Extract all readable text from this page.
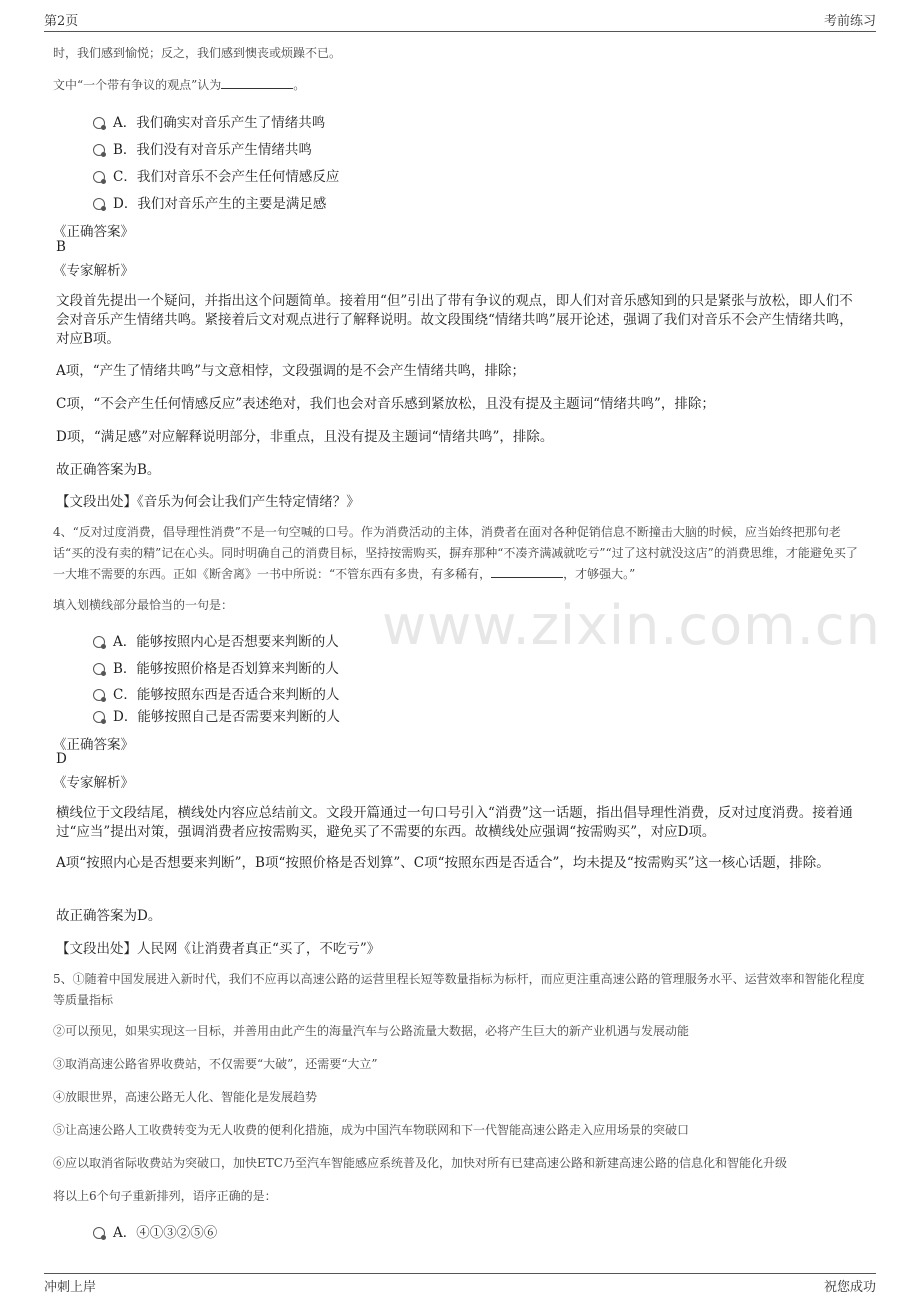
第2页	考前练习
www.zixin.com.cn
时，我们感到愉悦；反之，我们感到懊丧或烦躁不已。
文中“一个带有争议的观点”认为	。
A．我们确实对音乐产生了情绪共鸣
B．我们没有对音乐产生情绪共鸣
C．我们对音乐不会产生任何情感反应
D．我们对音乐产生的主要是满足感
《正确答案》
B
《专家解析》
文段首先提出一个疑问，并指出这个问题简单。接着用“但”引出了带有争议的观点，即人们对音乐感知到的只是紧张与放松，即人们不会对音乐产生情绪共鸣。紧接着后文对观点进行了解释说明。故文段围绕“情绪共鸣”展开论述，强调了我们对音乐不会产生情绪共鸣，对应B项。
A项，“产生了情绪共鸣”与文意相悖，文段强调的是不会产生情绪共鸣，排除；
C项，“不会产生任何情感反应”表述绝对，我们也会对音乐感到紧放松，且没有提及主题词“情绪共鸣”，排除；
D项，“满足感”对应解释说明部分，非重点，且没有提及主题词“情绪共鸣”，排除。
故正确答案为B。
【文段出处】《音乐为何会让我们产生特定情绪？》
4、“反对过度消费，倡导理性消费”不是一句空喊的口号。作为消费活动的主体，消费者在面对各种促销信息不断撞击大脑的时候，应当始终把那句老话“买的没有卖的精”记在心头。同时明确自己的消费目标，坚持按需购买，摒弃那种“不凑齐满减就吃亏”“过了这村就没这店”的消费思维，才能避免买了一大堆不需要的东西。正如《断舍离》一书中所说：“不管东西有多贵，有多稀有，	，才够强大。”
填入划横线部分最恰当的一句是：
A．能够按照内心是否想要来判断的人
B．能够按照价格是否划算来判断的人
C．能够按照东西是否适合来判断的人
D．能够按照自己是否需要来判断的人
《正确答案》
D
《专家解析》
横线位于文段结尾，横线处内容应总结前文。文段开篇通过一句口号引入“消费”这一话题，指出倡导理性消费，反对过度消费。接着通过“应当”提出对策，强调消费者应按需购买，避免买了不需要的东西。故横线处应强调“按需购买”，对应D项。
A项“按照内心是否想要来判断”，B项“按照价格是否划算”、C项“按照东西是否适合”，均未提及“按需购买”这一核心话题，排除。
故正确答案为D。
【文段出处】人民网《让消费者真正“买了，不吃亏”》
5、①随着中国发展进入新时代，我们不应再以高速公路的运营里程长短等数量指标为标杆，而应更注重高速公路的管理服务水平、运营效率和智能化程度等质量指标
②可以预见，如果实现这一目标，并善用由此产生的海量汽车与公路流量大数据，必将产生巨大的新产业机遇与发展动能
③取消高速公路省界收费站，不仅需要“大破”，还需要“大立”
④放眼世界，高速公路无人化、智能化是发展趋势
⑤让高速公路人工收费转变为无人收费的便利化措施，成为中国汽车物联网和下一代智能高速公路走入应用场景的突破口
⑥应以取消省际收费站为突破口，加快ETC乃至汽车智能感应系统普及化，加快对所有已建高速公路和新建高速公路的信息化和智能化升级
将以上6个句子重新排列，语序正确的是：
A．④①③②⑤⑥
冲刺上岸	祝您成功
